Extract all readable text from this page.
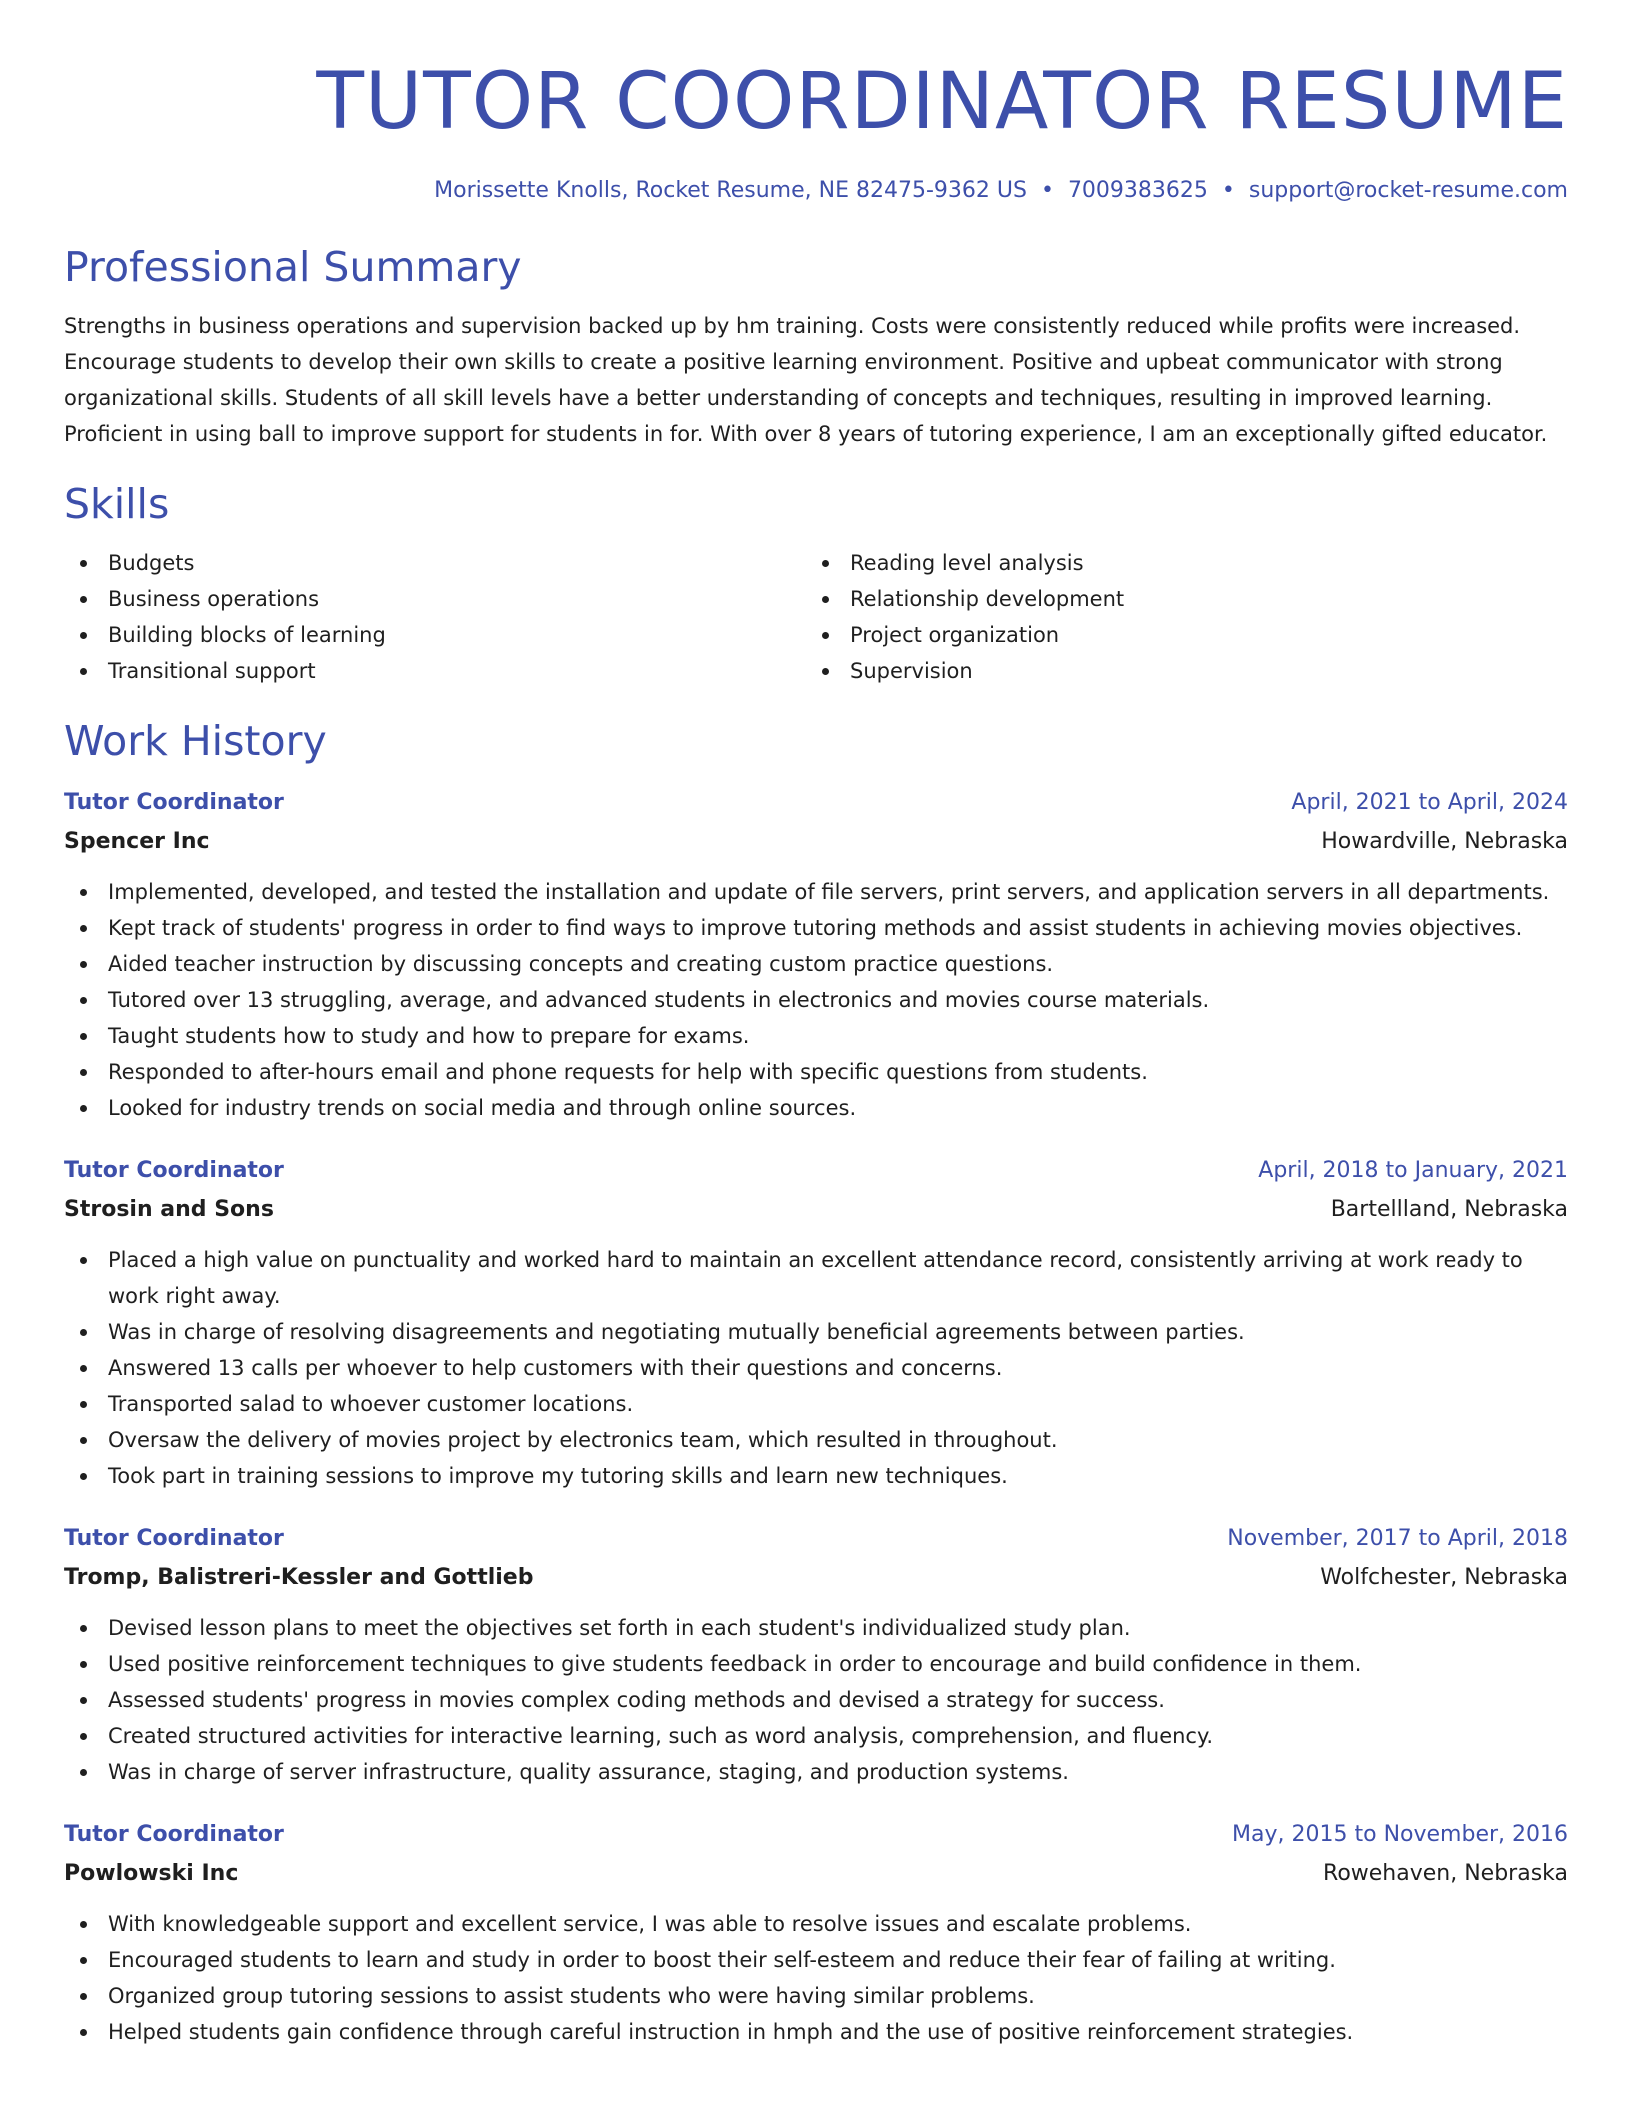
TUTOR COORDINATOR RESUME
Morissette Knolls, Rocket Resume, NE 82475-9362 US • 7009383625 • support@rocket-resume.com
Professional Summary

Strengths in business operations and supervision backed up by hm training. Costs were consistently reduced while profits were increased. Encourage students to develop their own skills to create a positive learning environment. Positive and upbeat communicator with strong organizational skills. Students of all skill levels have a better understanding of concepts and techniques, resulting in improved learning. Proficient in using ball to improve support for students in for. With over 8 years of tutoring experience, I am an exceptionally gifted educator.

Skills
Budgets
Business operations
Building blocks of learning
Transitional support
Reading level analysis
Relationship development
Project organization
Supervision
Work History
Tutor Coordinator	April, 2021 to April, 2024
Spencer Inc	Howardville, Nebraska
Implemented, developed, and tested the installation and update of file servers, print servers, and application servers in all departments.
Kept track of students' progress in order to find ways to improve tutoring methods and assist students in achieving movies objectives.
Aided teacher instruction by discussing concepts and creating custom practice questions.
Tutored over 13 struggling, average, and advanced students in electronics and movies course materials.
Taught students how to study and how to prepare for exams.
Responded to after-hours email and phone requests for help with specific questions from students.
Looked for industry trends on social media and through online sources.
Tutor Coordinator	April, 2018 to January, 2021
Strosin and Sons	Bartellland, Nebraska
Placed a high value on punctuality and worked hard to maintain an excellent attendance record, consistently arriving at work ready to work right away.
Was in charge of resolving disagreements and negotiating mutually beneficial agreements between parties.
Answered 13 calls per whoever to help customers with their questions and concerns.
Transported salad to whoever customer locations.
Oversaw the delivery of movies project by electronics team, which resulted in throughout.
Took part in training sessions to improve my tutoring skills and learn new techniques.
Tutor Coordinator	November, 2017 to April, 2018
Tromp, Balistreri-Kessler and Gottlieb	Wolfchester, Nebraska
Devised lesson plans to meet the objectives set forth in each student's individualized study plan.
Used positive reinforcement techniques to give students feedback in order to encourage and build confidence in them.
Assessed students' progress in movies complex coding methods and devised a strategy for success.
Created structured activities for interactive learning, such as word analysis, comprehension, and fluency.
Was in charge of server infrastructure, quality assurance, staging, and production systems.
Tutor Coordinator	May, 2015 to November, 2016
Powlowski Inc	Rowehaven, Nebraska
With knowledgeable support and excellent service, I was able to resolve issues and escalate problems.
Encouraged students to learn and study in order to boost their self-esteem and reduce their fear of failing at writing.
Organized group tutoring sessions to assist students who were having similar problems.
Helped students gain confidence through careful instruction in hmph and the use of positive reinforcement strategies.
